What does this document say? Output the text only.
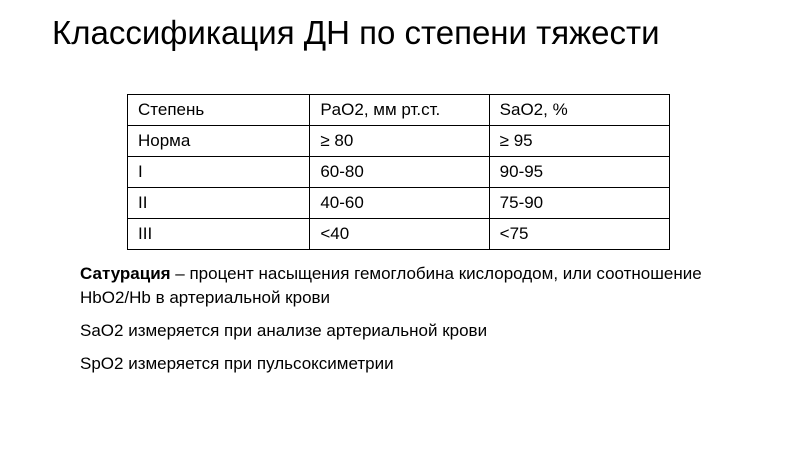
Классификация ДН по степени тяжести
Степень	PaO2, мм рт.ст.	SaO2, %
Норма	≥ 80	≥ 95
I	60-80	90-95
II	40-60	75-90
III	<40	<75

Сатурация – процент насыщения гемоглобина кислородом, или соотношение HbO2/Hb в артериальной крови

SaO2 измеряется при анализе артериальной крови

SpO2 измеряется при пульсоксиметрии
